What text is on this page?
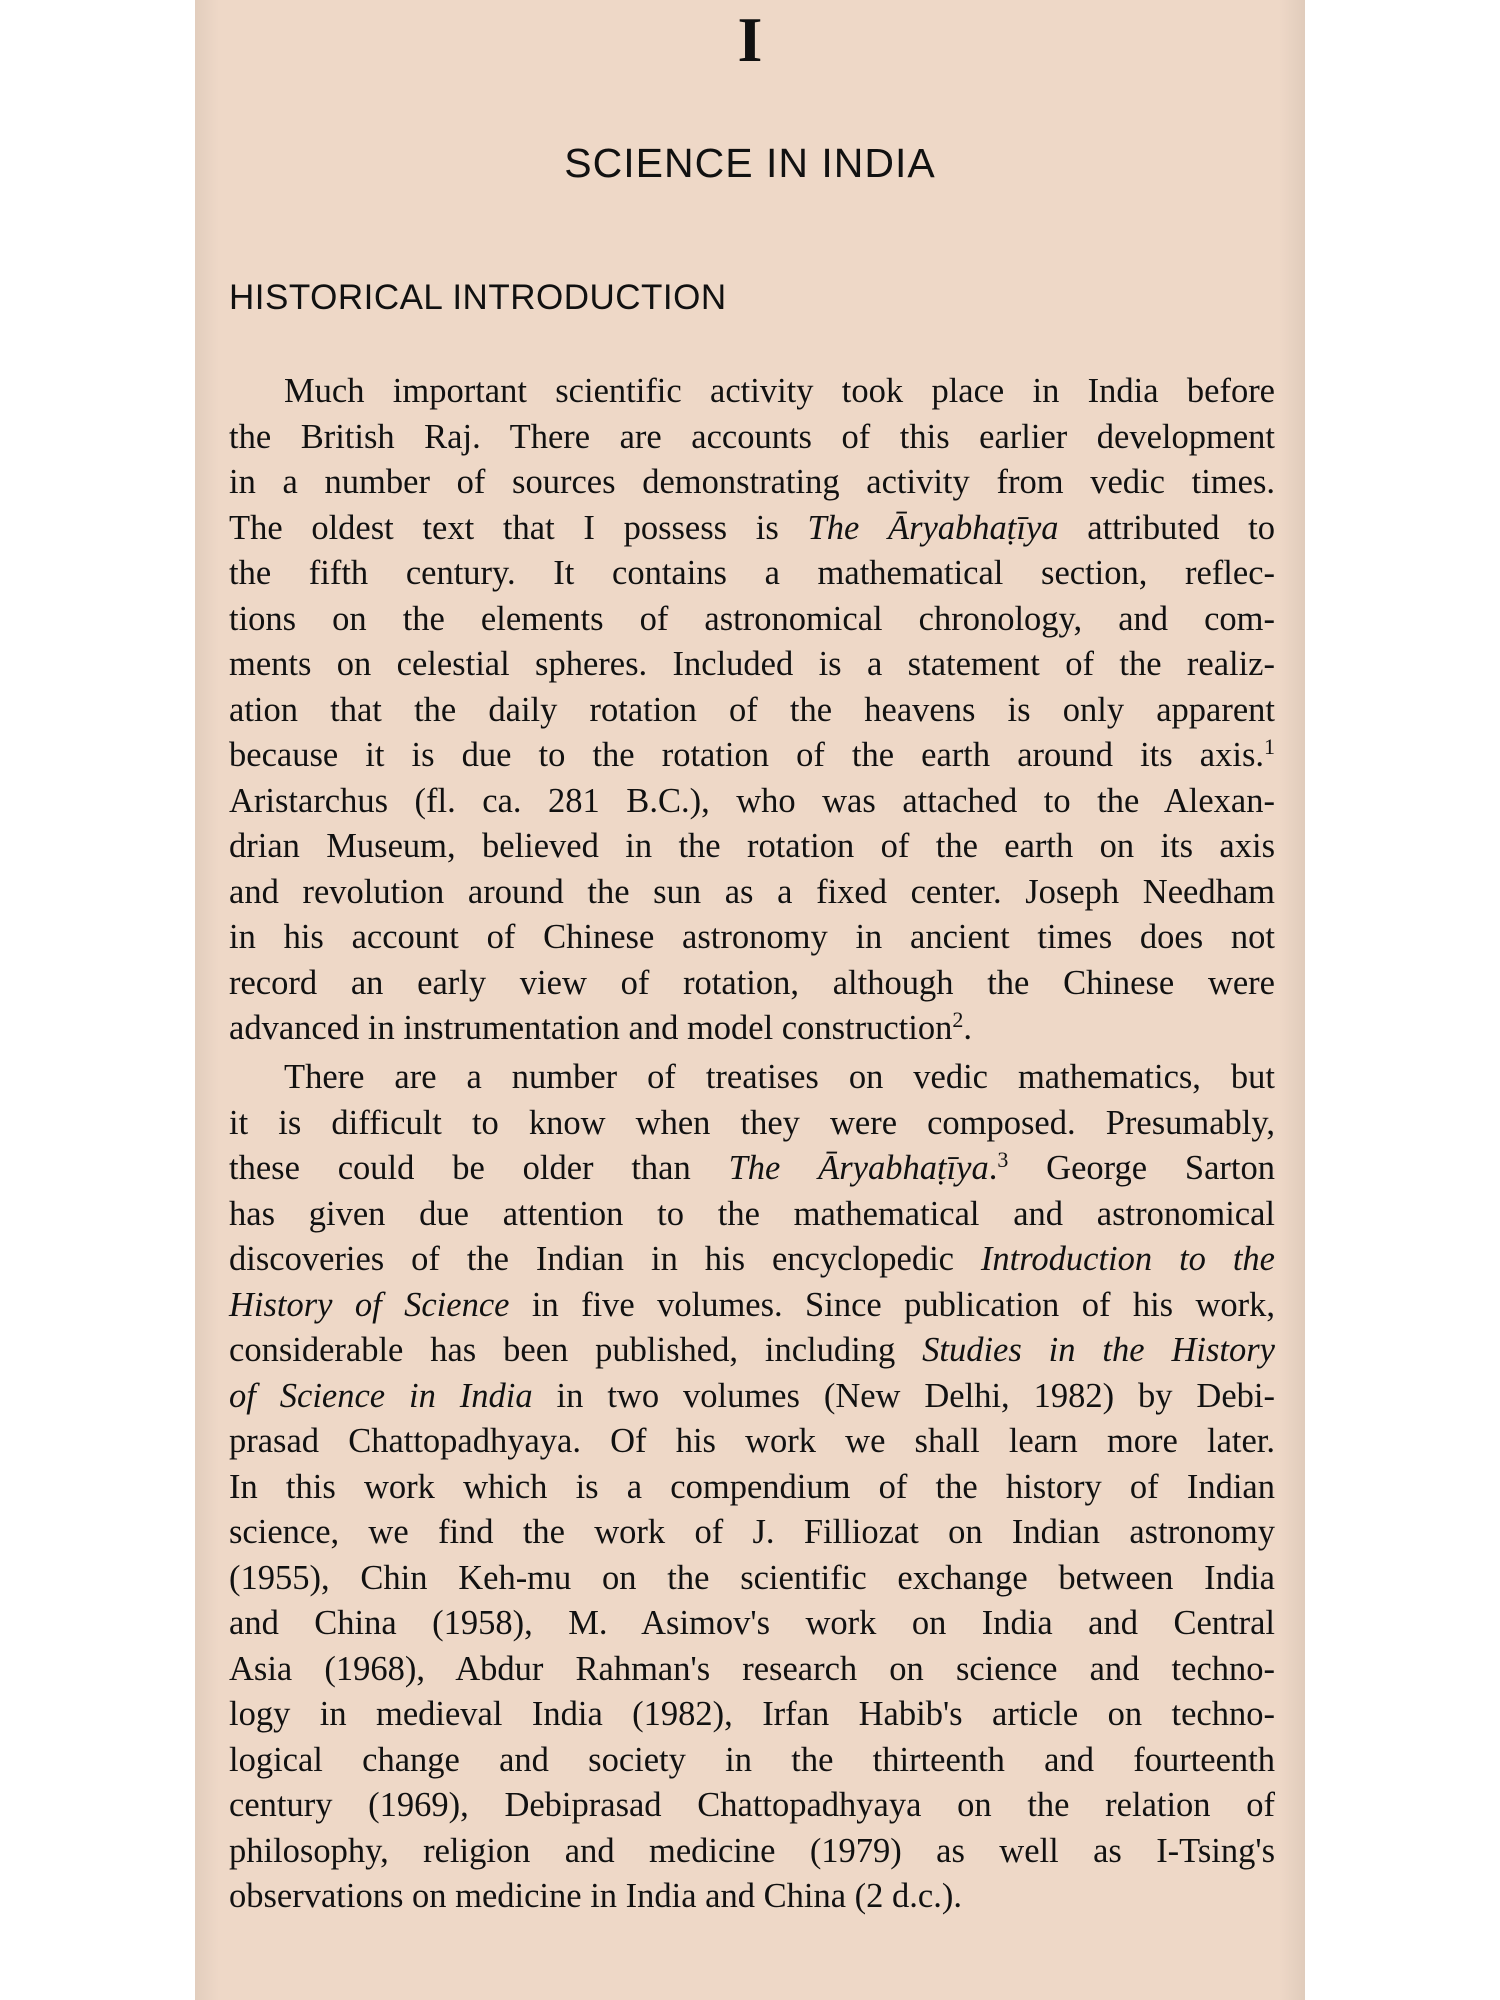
I
SCIENCE IN INDIA
HISTORICAL INTRODUCTION
Much important scientific activity took place in India before
the British Raj. There are accounts of this earlier development
in a number of sources demonstrating activity from vedic times.
The oldest text that I possess is The Āryabhaṭīya attributed to
the fifth century. It contains a mathematical section, reflec-
tions on the elements of astronomical chronology, and com-
ments on celestial spheres. Included is a statement of the realiz-
ation that the daily rotation of the heavens is only apparent
because it is due to the rotation of the earth around its axis.$^1$
Aristarchus (fl. ca. 281 B.C.), who was attached to the Alexan-
drian Museum, believed in the rotation of the earth on its axis
and revolution around the sun as a fixed center. Joseph Needham
in his account of Chinese astronomy in ancient times does not
record an early view of rotation, although the Chinese were
advanced in instrumentation and model construction$^2$.
There are a number of treatises on vedic mathematics, but
it is difficult to know when they were composed. Presumably,
these could be older than The Āryabhaṭīya.$^3$ George Sarton
has given due attention to the mathematical and astronomical
discoveries of the Indian in his encyclopedic Introduction to the
History of Science in five volumes. Since publication of his work,
considerable has been published, including Studies in the History
of Science in India in two volumes (New Delhi, 1982) by Debi-
prasad Chattopadhyaya. Of his work we shall learn more later.
In this work which is a compendium of the history of Indian
science, we find the work of J. Filliozat on Indian astronomy
(1955), Chin Keh-mu on the scientific exchange between India
and China (1958), M. Asimov's work on India and Central
Asia (1968), Abdur Rahman's research on science and techno-
logy in medieval India (1982), Irfan Habib's article on techno-
logical change and society in the thirteenth and fourteenth
century (1969), Debiprasad Chattopadhyaya on the relation of
philosophy, religion and medicine (1979) as well as I-Tsing's
observations on medicine in India and China (2 d.c.).
